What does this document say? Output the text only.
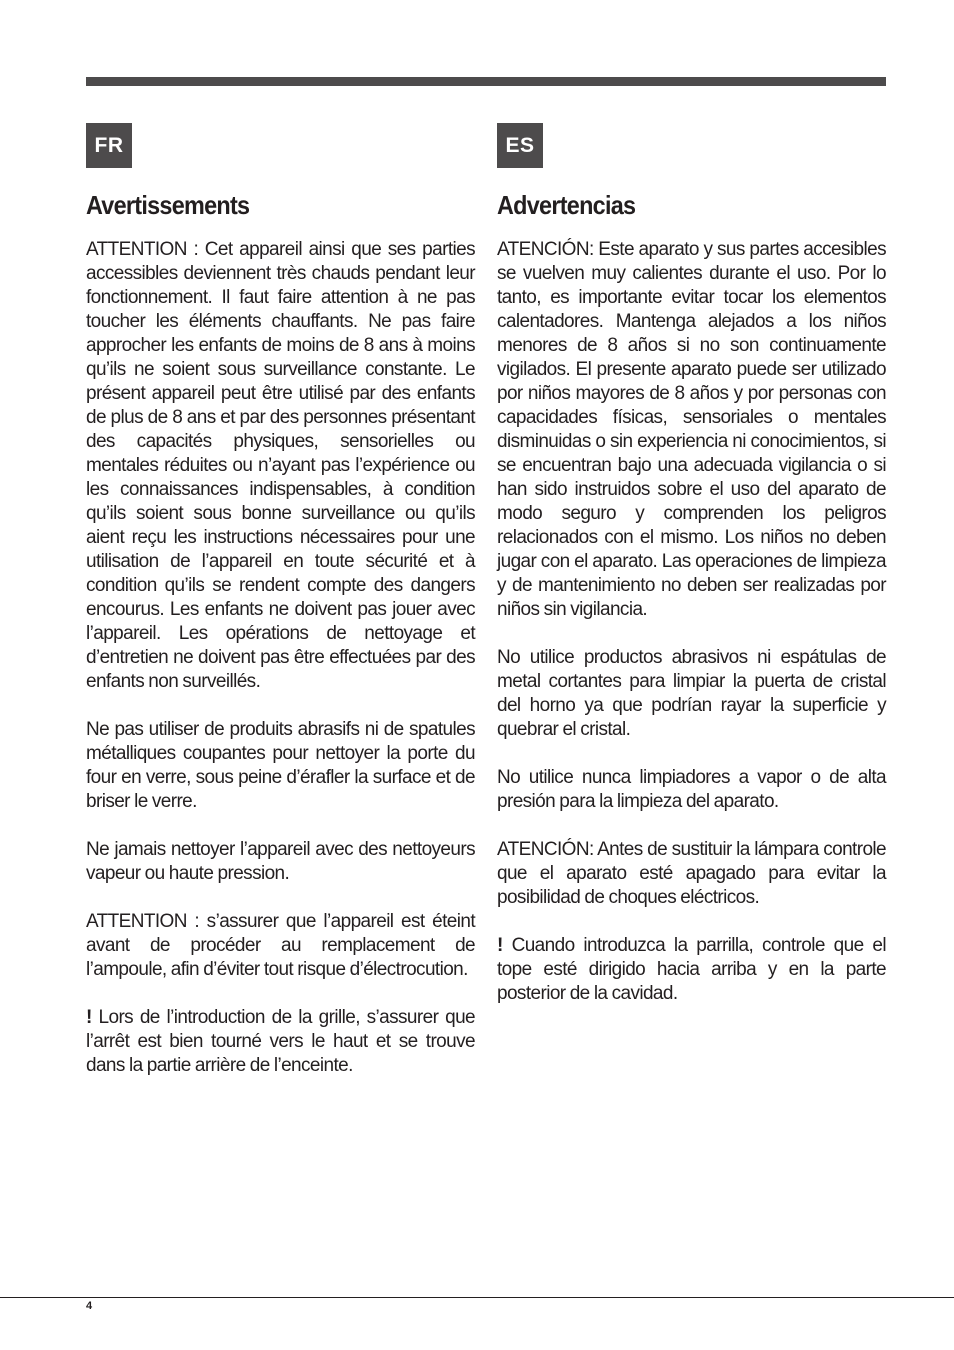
FR
Avertissements

ATTENTION : Cet appareil ainsi que ses parties accessibles deviennent très chauds pendant leur fonctionnement. Il faut faire attention à ne pas toucher les éléments chauffants. Ne pas faire approcher les enfants de moins de 8 ans à moins qu’ils ne soient sous surveillance constante. Le présent appareil peut être utilisé par des enfants de plus de 8 ans et par des personnes présentant des capacités physiques, sensorielles ou mentales réduites ou n’ayant pas l’expérience ou les connaissances indispensables, à condition qu’ils soient sous bonne surveillance ou qu’ils aient reçu les instructions nécessaires pour une utilisation de l’appareil en toute sécurité et à condition qu’ils se rendent compte des dangers encourus. Les enfants ne doivent pas jouer avec l’appareil. Les opérations de nettoyage et d’entretien ne doivent pas être effectuées par des enfants non surveillés.

Ne pas utiliser de produits abrasifs ni de spatules métalliques coupantes pour nettoyer la porte du four en verre, sous peine d’érafler la surface et de briser le verre.

Ne jamais nettoyer l’appareil avec des nettoyeurs vapeur ou haute pression.

ATTENTION : s’assurer que l’appareil est éteint avant de procéder au remplacement de l’ampoule, afin d’éviter tout risque d’électrocution.

! Lors de l’introduction de la grille, s’assurer que l’arrêt est bien tourné vers le haut et se trouve dans la partie arrière de l’enceinte.

ES
Advertencias

ATENCIÓN: Este aparato y sus partes accesibles se vuelven muy calientes durante el uso. Por lo tanto, es importante evitar tocar los elementos calentadores. Mantenga alejados a los niños menores de 8 años si no son continuamente vigilados. El presente aparato puede ser utilizado por niños mayores de 8 años y por personas con capacidades físicas, sensoriales o mentales disminuidas o sin experiencia ni conocimientos, si se encuentran bajo una adecuada vigilancia o si han sido instruidos sobre el uso del aparato de modo seguro y comprenden los peligros relacionados con el mismo. Los niños no deben jugar con el aparato. Las operaciones de limpieza y de mantenimiento no deben ser realizadas por niños sin vigilancia.

No utilice productos abrasivos ni espátulas de metal cortantes para limpiar la puerta de cristal del horno ya que podrían rayar la superficie y quebrar el cristal.

No utilice nunca limpiadores a vapor o de alta presión para la limpieza del aparato.

ATENCIÓN: Antes de sustituir la lámpara controle que el aparato esté apagado para evitar la posibilidad de choques eléctricos.

! Cuando introduzca la parrilla, controle que el tope esté dirigido hacia arriba y en la parte posterior de la cavidad.

4
